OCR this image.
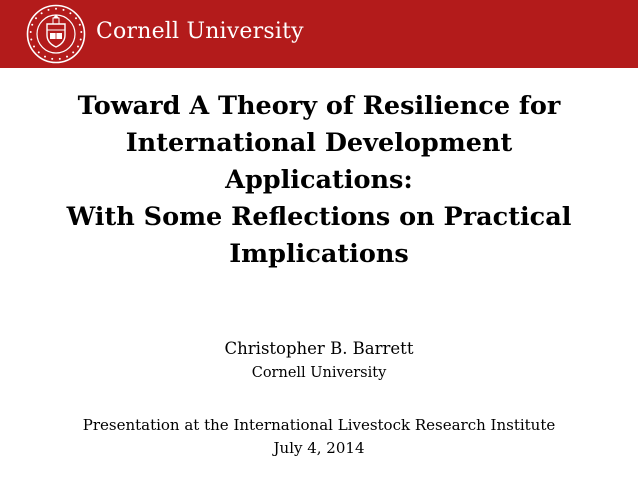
Cornell University
Toward A Theory of Resilience for
International Development
Applications:
With Some Reflections on Practical
Implications
Christopher B. Barrett
Cornell University
Presentation at the International Livestock Research Institute
July 4, 2014
